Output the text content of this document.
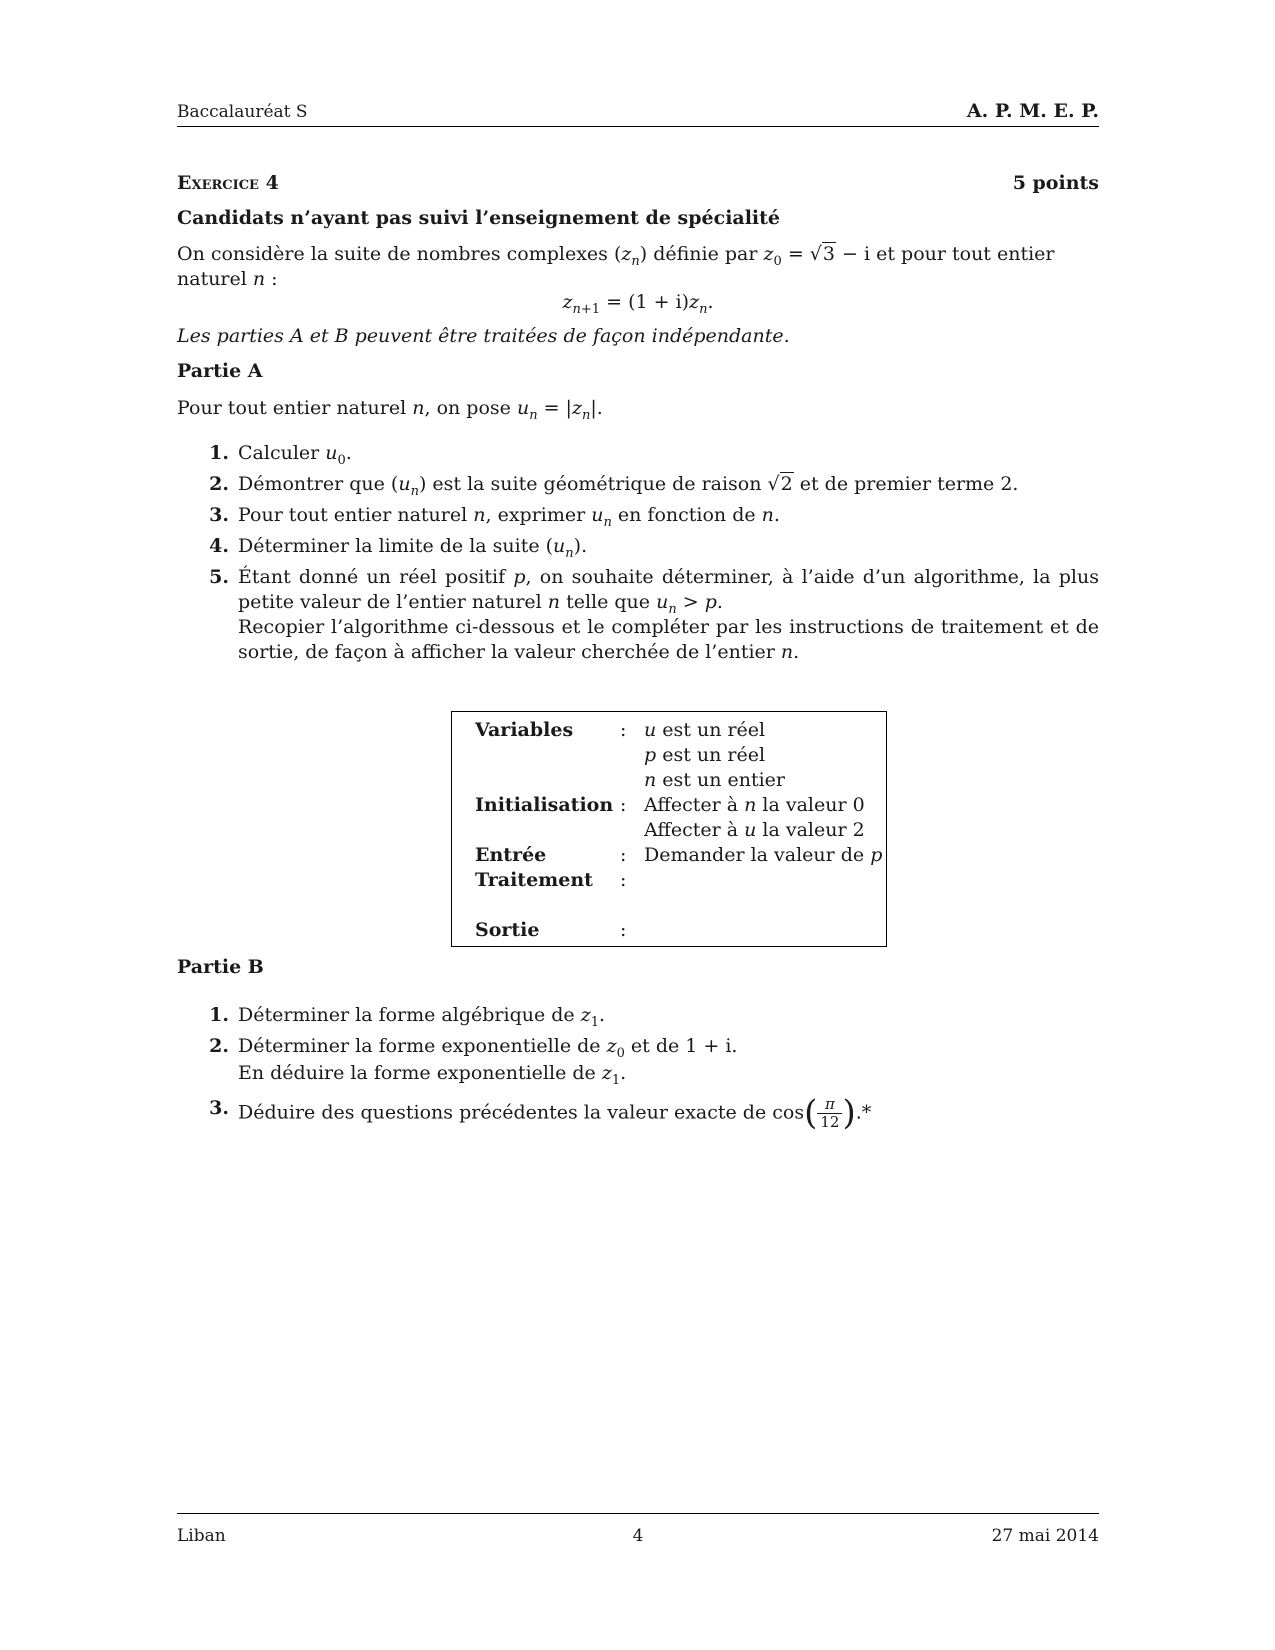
Baccalauréat S	A. P. M. E. P.
Exercice 4	5 points
Candidats n’ayant pas suivi l’enseignement de spécialité
On considère la suite de nombres complexes $(z_n)$ définie par $z_0 = √3 - i$ et pour tout entier naturel n :
$z_{n+1} = (1 + i)z_n$.
Les parties A et B peuvent être traitées de façon indépendante.
Partie A
Pour tout entier naturel n, on pose $u_n = |z_n|$.
1. Calculer $u_0$.
2. Démontrer que $(u_n)$ est la suite géométrique de raison √2 et de premier terme 2.
3. Pour tout entier naturel n, exprimer $u_n$ en fonction de n.
4. Déterminer la limite de la suite $(u_n)$.
5. Étant donné un réel positif p, on souhaite déterminer, à l’aide d’un algorithme, la plus petite valeur de l’entier naturel n telle que $u_n > p$.
Recopier l’algorithme ci-dessous et le compléter par les instructions de traitement et de sortie, de façon à afficher la valeur cherchée de l’entier n.
Variables : u est un réel
p est un réel
n est un entier
Initialisation : Affecter à n la valeur 0
Affecter à u la valeur 2
Entrée	: Demander la valeur de p
Traitement :
Sortie	:
Partie B
1. Déterminer la forme algébrique de $z_1$.
2. Déterminer la forme exponentielle de $z_0$ et de 1 + i.
En déduire la forme exponentielle de $z_1$.
3. Déduire des questions précédentes la valeur exacte de $\cos( \frac{\pi}{12}$ ).*
Liban	4	27 mai 2014
